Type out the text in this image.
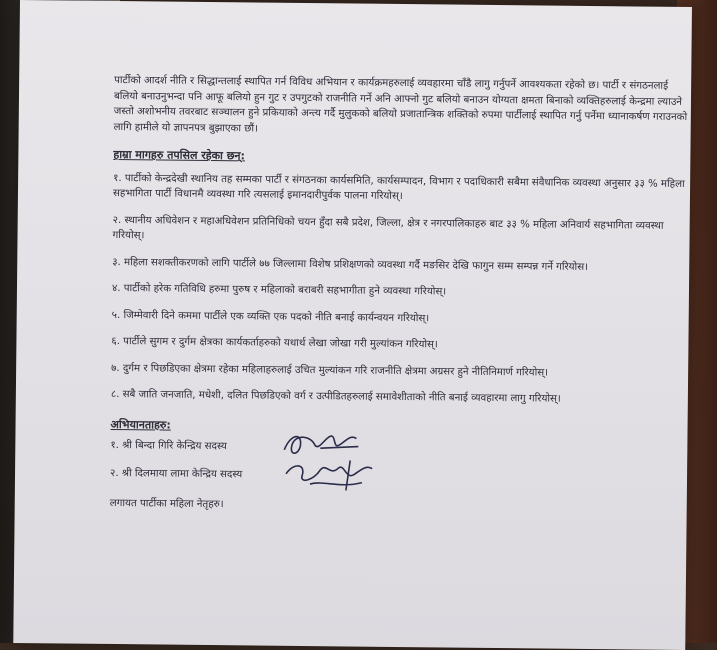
पार्टीको आदर्श नीति र सिद्धान्तलाई स्थापित गर्न विविध अभियान र कार्यक्रमहरुलाई व्यवहारमा चाँडै लागु गर्नुपर्ने आवश्यकता रहेको छ। पार्टी र संगठनलाई बलियो बनाउनुभन्दा पनि आफू बलियो हुन गुट र उपगुटको राजनीति गर्ने अनि आफ्नो गुट बलियो बनाउन योग्यता क्षमता बिनाको व्यक्तिहरुलाई केन्द्रमा ल्याउने जस्तो अशोभनीय तवरबाट सञ्चालन हुने प्रकियाको अन्त्य गर्दै मुलुकको बलियो प्रजातान्त्रिक शक्तिको रुपमा पार्टीलाई स्थापित गर्नु पर्नेमा ध्यानाकर्षण गराउनको लागि हामीले यो ज्ञापनपत्र बुझाएका छौं।

हाम्रा मागहरु तपसिल रहेका छन्:

१. पार्टीको केन्द्रदेखी स्थानिय तह सम्मका पार्टी र संगठनका कार्यसमिति, कार्यसम्पादन, विभाग र पदाधिकारी सबैमा संवैधानिक व्यवस्था अनुसार ३३ % महिला सहभागिता पार्टी विधानमै व्यवस्था गरि त्यसलाई इमानदारीपुर्वक पालना गरियोस्।

२. स्थानीय अधिवेशन र महाअधिवेशन प्रतिनिधिको चयन हुँदा सबै प्रदेश, जिल्ला, क्षेत्र र नगरपालिकाहरु बाट ३३ % महिला अनिवार्य सहभागिता व्यवस्था गरियोस्।

३. महिला सशक्तीकरणको लागि पार्टीले ७७ जिल्लामा विशेष प्रशिक्षणको व्यवस्था गर्दै मङसिर देखि फागुन सम्म सम्पन्न गर्ने गरियोस।

४. पार्टीको हरेक गतिविधि हरुमा पुरुष र महिलाको बराबरी सहभागीता हुने व्यवस्था गरियोस्।

५. जिम्मेवारी दिने कममा पार्टीले एक व्यक्ति एक पदको नीति बनाई कार्यन्वयन गरियोस्।

६. पार्टीले सुगम र दुर्गम क्षेत्रका कार्यकर्ताहरुको यथार्थ लेखा जोखा गरी मुल्यांकन गरियोस्।

७. दुर्गम र पिछडिएका क्षेत्रमा रहेका महिलाहरुलाई उचित मुल्यांकन गरि राजनीति क्षेत्रमा अग्रसर हुने नीतिनिमार्ण गरियोस्।

८. सबै जाति जनजाति, मधेशी, दलित पिछडिएको वर्ग र उत्पीडितहरुलाई समावेशीताको नीति बनाई व्यवहारमा लागु गरियोस्।

अभियानताहरु:

१. श्री बिन्दा गिरि केन्द्रिय सदस्य
२. श्री दिलमाया लामा केन्द्रिय सदस्य

लगायत पार्टीका महिला नेतृहरु।
